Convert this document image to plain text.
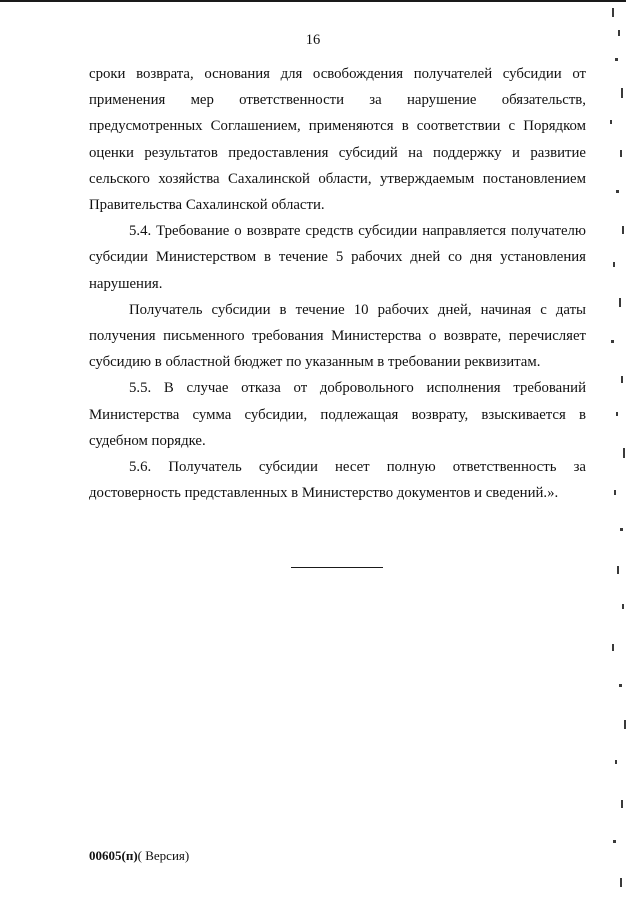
16

сроки возврата, основания для освобождения получателей субсидии от применения мер ответственности за нарушение обязательств, предусмотренных Соглашением, применяются в соответствии с Порядком оценки результатов предоставления субсидий на поддержку и развитие сельского хозяйства Сахалинской области, утверждаемым постановлением Правительства Сахалинской области.

5.4. Требование о возврате средств субсидии направляется получателю субсидии Министерством в течение 5 рабочих дней со дня установления нарушения.

Получатель субсидии в течение 10 рабочих дней, начиная с даты получения письменного требования Министерства о возврате, перечисляет субсидию в областной бюджет по указанным в требовании реквизитам.

5.5. В случае отказа от добровольного исполнения требований Министерства сумма субсидии, подлежащая возврату, взыскивается в судебном порядке.

5.6. Получатель субсидии несет полную ответственность за достоверность представленных в Министерство документов и сведений.».

00605(п)( Версия)
